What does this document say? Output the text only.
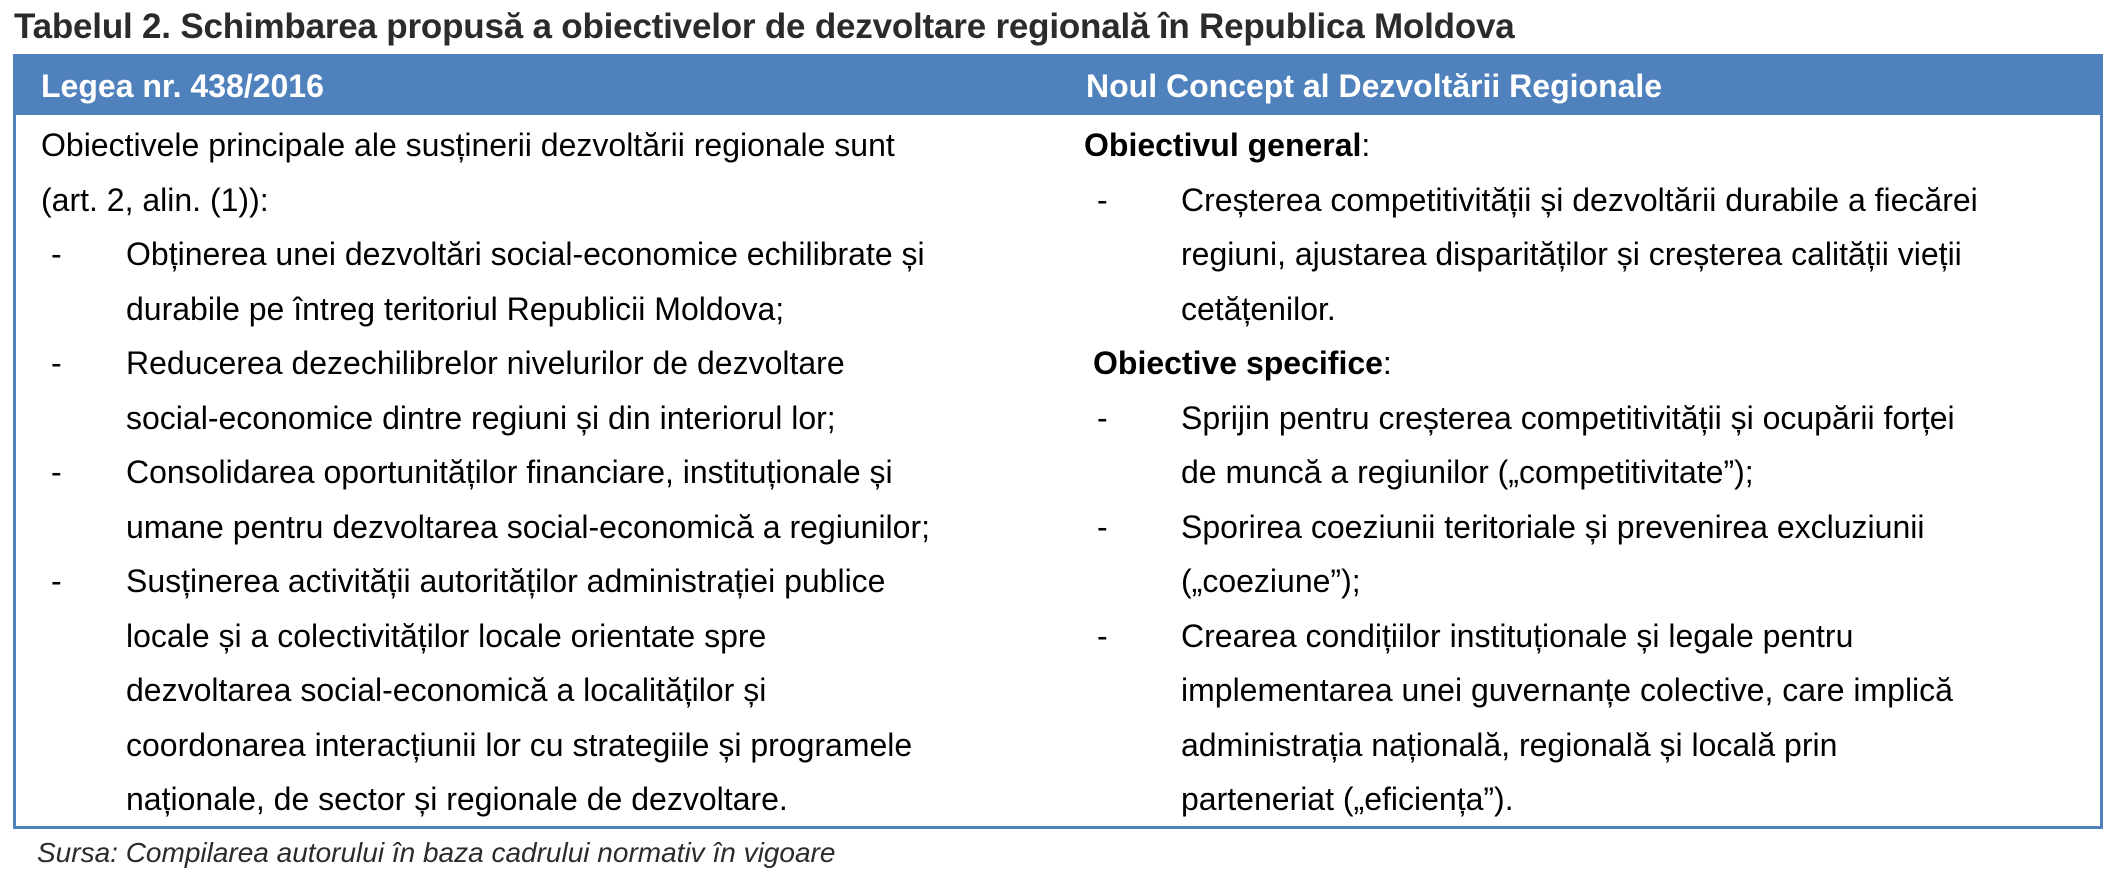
Tabelul 2. Schimbarea propusă a obiectivelor de dezvoltare regională în Republica Moldova
Legea nr. 438/2016	Noul Concept al Dezvoltării Regionale
Obiectivele principale ale susținerii dezvoltării regionale sunt
(art. 2, alin. (1)):
- Obținerea unei dezvoltări social-economice echilibrate și
durabile pe întreg teritoriul Republicii Moldova;
- Reducerea dezechilibrelor nivelurilor de dezvoltare
social-economice dintre regiuni și din interiorul lor;
- Consolidarea oportunităților financiare, instituționale și
umane pentru dezvoltarea social-economică a regiunilor;
- Susținerea activității autorităților administrației publice
locale și a colectivităților locale orientate spre
dezvoltarea social-economică a localităților și
coordonarea interacțiunii lor cu strategiile și programele
naționale, de sector și regionale de dezvoltare.
Obiectivul general:
- Creșterea competitivității și dezvoltării durabile a fiecărei
regiuni, ajustarea disparităților și creșterea calității vieții
cetățenilor.
Obiective specifice:
- Sprijin pentru creșterea competitivității și ocupării forței
de muncă a regiunilor („competitivitate”);
- Sporirea coeziunii teritoriale și prevenirea excluziunii
(„coeziune”);
- Crearea condițiilor instituționale și legale pentru
implementarea unei guvernanțe colective, care implică
administrația națională, regională și locală prin
parteneriat („eficiența”).
Sursa: Compilarea autorului în baza cadrului normativ în vigoare
